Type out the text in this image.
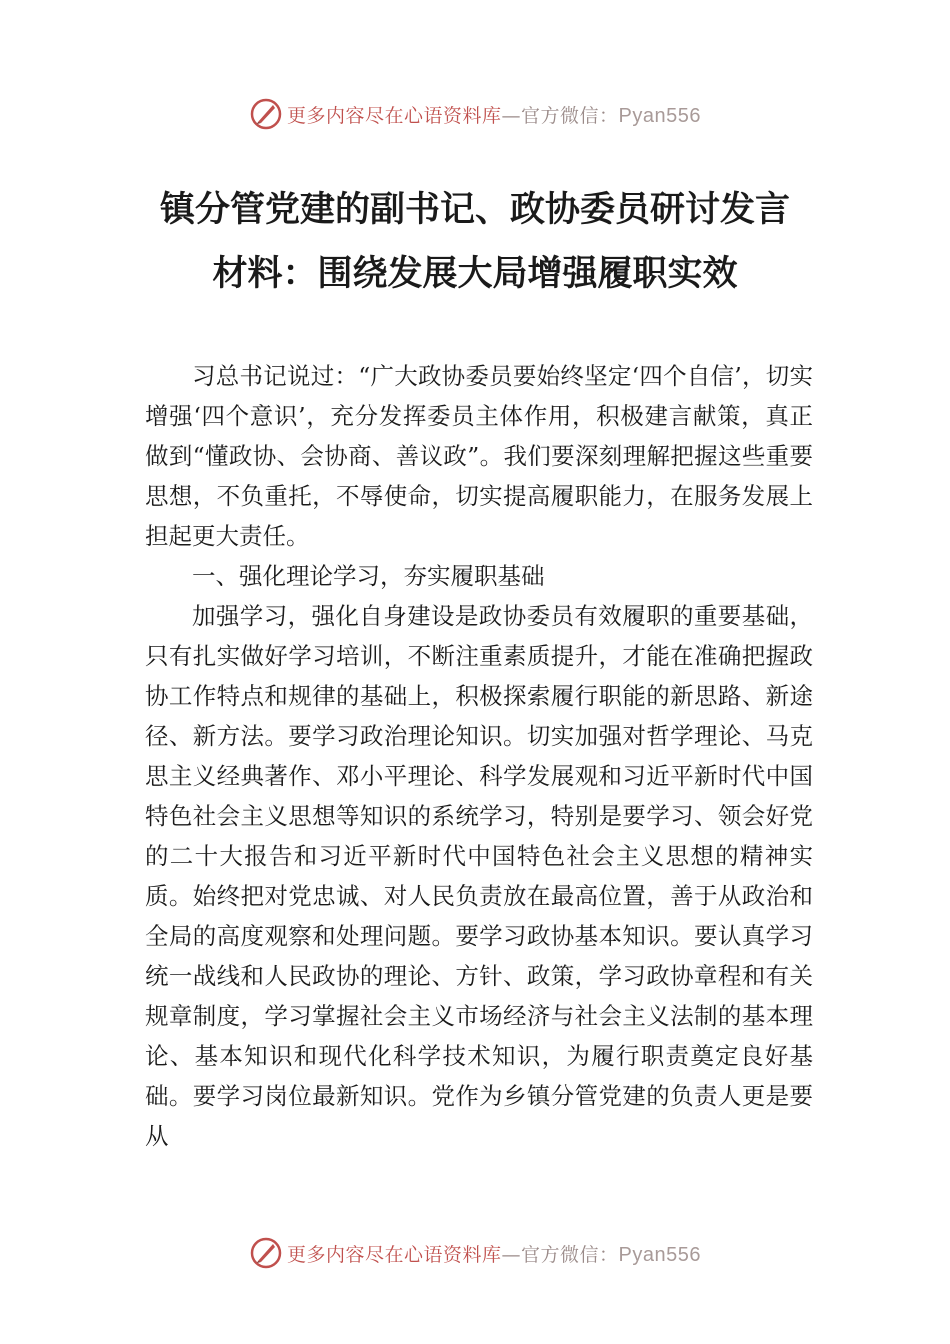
更多内容尽在心语资料库—官方微信：Pyan556
镇分管党建的副书记、政协委员研讨发言
材料：围绕发展大局增强履职实效

习总书记说过：“广大政协委员要始终坚定‘四个自信’，切实增强‘四个意识’，充分发挥委员主体作用，积极建言献策，真正做到“懂政协、会协商、善议政”。我们要深刻理解把握这些重要思想，不负重托，不辱使命，切实提高履职能力，在服务发展上担起更大责任。

一、强化理论学习，夯实履职基础

加强学习，强化自身建设是政协委员有效履职的重要基础，只有扎实做好学习培训，不断注重素质提升，才能在准确把握政协工作特点和规律的基础上，积极探索履行职能的新思路、新途径、新方法。要学习政治理论知识。切实加强对哲学理论、马克思主义经典著作、邓小平理论、科学发展观和习近平新时代中国特色社会主义思想等知识的系统学习，特别是要学习、领会好党的二十大报告和习近平新时代中国特色社会主义思想的精神实质。始终把对党忠诚、对人民负责放在最高位置，善于从政治和全局的高度观察和处理问题。要学习政协基本知识。要认真学习统一战线和人民政协的理论、方针、政策，学习政协章程和有关规章制度，学习掌握社会主义市场经济与社会主义法制的基本理论、基本知识和现代化科学技术知识，为履行职责奠定良好基础。要学习岗位最新知识。党作为乡镇分管党建的负责人更是要从

更多内容尽在心语资料库—官方微信：Pyan556
